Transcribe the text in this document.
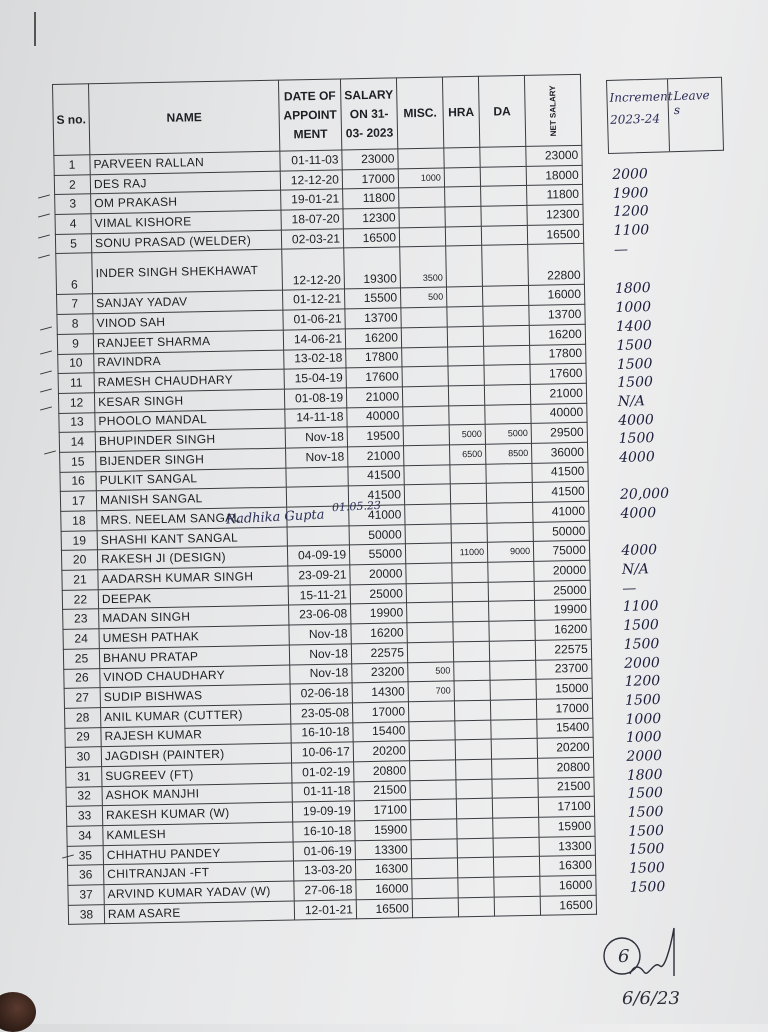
S no.	NAME	DATE OF APPOINT MENT	SALARY ON 31-03- 2023	MISC.	HRA	DA	NET SALARY
1	PARVEEN RALLAN	01-11-03	23000				23000
2	DES RAJ	12-12-20	17000	1000			18000
3	OM PRAKASH	19-01-21	11800				11800
4	VIMAL KISHORE	18-07-20	12300				12300
5	SONU PRASAD (WELDER)	02-03-21	16500				16500
6	INDER SINGH SHEKHAWAT	12-12-20	19300	3500			22800
7	SANJAY YADAV	01-12-21	15500	500			16000
8	VINOD SAH	01-06-21	13700				13700
9	RANJEET SHARMA	14-06-21	16200				16200
10	RAVINDRA	13-02-18	17800				17800
11	RAMESH CHAUDHARY	15-04-19	17600				17600
12	KESAR SINGH	01-08-19	21000				21000
13	PHOOLO MANDAL	14-11-18	40000				40000
14	BHUPINDER SINGH	Nov-18	19500		5000	5000	29500
15	BIJENDER SINGH	Nov-18	21000		6500	8500	36000
16	PULKIT SANGAL		41500				41500
17	MANISH SANGAL		41500				41500
18	MRS. NEELAM SANGAL		41000				41000
19	SHASHI KANT SANGAL		50000				50000
20	RAKESH JI (DESIGN)	04-09-19	55000		11000	9000	75000
21	AADARSH KUMAR SINGH	23-09-21	20000				20000
22	DEEPAK	15-11-21	25000				25000
23	MADAN SINGH	23-06-08	19900				19900
24	UMESH PATHAK	Nov-18	16200				16200
25	BHANU PRATAP	Nov-18	22575				22575
26	VINOD CHAUDHARY	Nov-18	23200	500			23700
27	SUDIP BISHWAS	02-06-18	14300	700			15000
28	ANIL KUMAR (CUTTER)	23-05-08	17000				17000
29	RAJESH KUMAR	16-10-18	15400				15400
30	JAGDISH (PAINTER)	10-06-17	20200				20200
31	SUGREEV (FT)	01-02-19	20800				20800
32	ASHOK MANJHI	01-11-18	21500				21500
33	RAKESH KUMAR (W)	19-09-19	17100				17100
34	KAMLESH	16-10-18	15900				15900
35	CHHATHU PANDEY	01-06-19	13300				13300
36	CHITRANJAN -FT	13-03-20	16300				16300
37	ARVIND KUMAR YADAV (W)	27-06-18	16000				16000
38	RAM ASARE	12-01-21	16500				16500
Increment 2023-24
Leave s
2000
1900
1200
1100
—
1800
1000
1400
1500
1500
1500
N/A
4000
1500
4000
20,000
4000
4000
N/A
—
1100
1500
1500
2000
1200
1500
1000
1000
2000
1800
1500
1500
1500
1500
1500
1500
Radhika Gupta
01.05.23
6
6/6/23
